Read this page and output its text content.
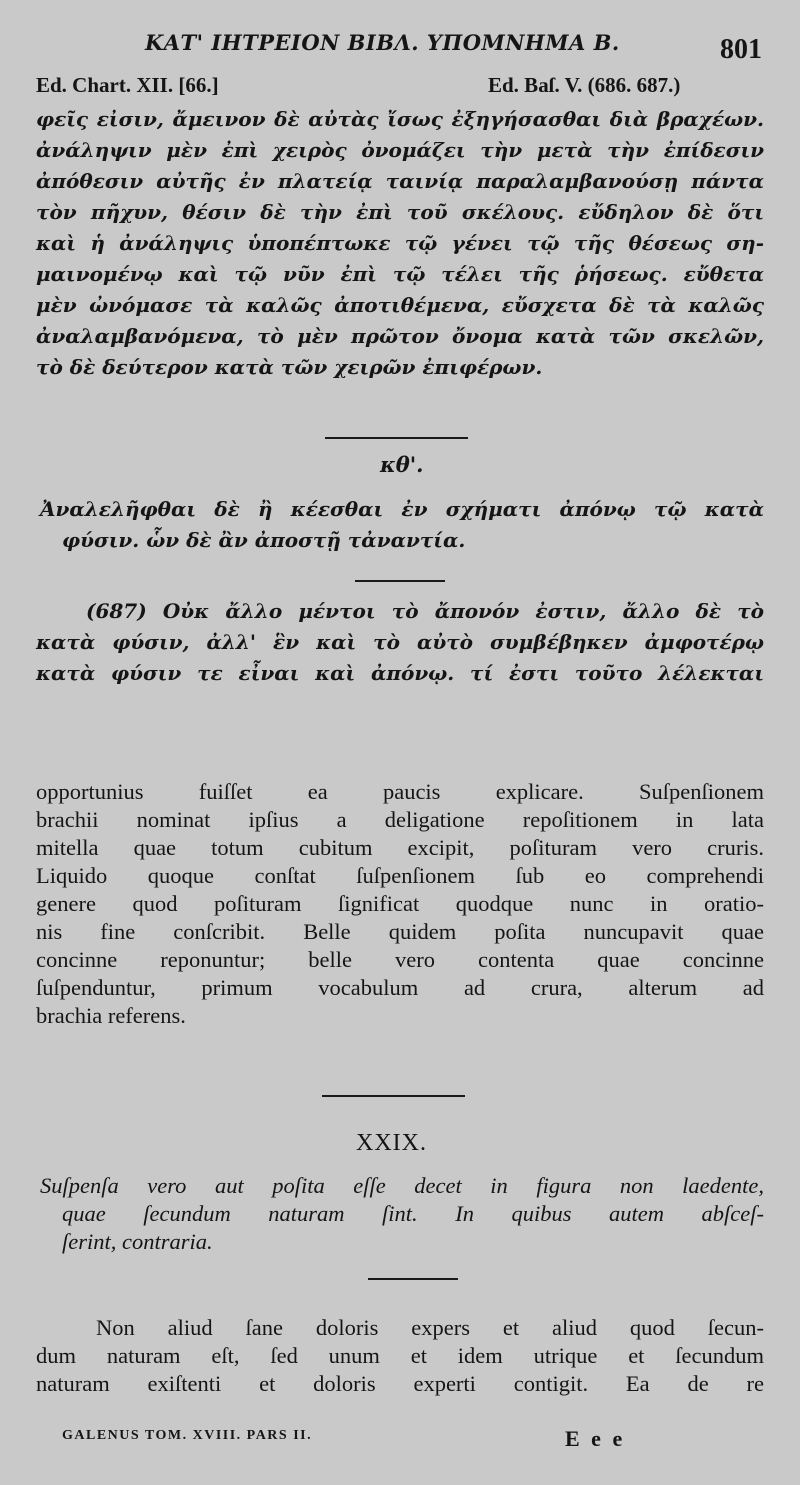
ΚΑΤ' ΙΗΤΡΕΙΟΝ ΒΙΒΛ. ΥΠΟΜΝΗΜΑ Β.	801
Ed. Chart. XII. [66.]	Ed. Baſ. V. (686. 687.)
φεῖς εἰσιν, ἄμεινον δὲ αὐτὰς ἴσως ἐξηγήσασθαι διὰ βραχέων.
ἀνάληψιν μὲν ἐπὶ χειρὸς ὀνομάζει τὴν μετὰ τὴν ἐπίδεσιν
ἀπόθεσιν αὐτῆς ἐν πλατείᾳ ταινίᾳ παραλαμβανούσῃ πάντα
τὸν πῆχυν, θέσιν δὲ τὴν ἐπὶ τοῦ σκέλους. εὔδηλον δὲ ὅτι
καὶ ἡ ἀνάληψις ὑποπέπτωκε τῷ γένει τῷ τῆς θέσεως ση-
μαινομένῳ καὶ τῷ νῦν ἐπὶ τῷ τέλει τῆς ῥήσεως. εὔθετα
μὲν ὠνόμασε τὰ καλῶς ἀποτιθέμενα, εὔσχετα δὲ τὰ καλῶς
ἀναλαμβανόμενα, τὸ μὲν πρῶτον ὄνομα κατὰ τῶν σκελῶν,
τὸ δὲ δεύτερον κατὰ τῶν χειρῶν ἐπιφέρων.
κθ'.
Ἀναλελῆφθαι δὲ ἢ κέεσθαι ἐν σχήματι ἀπόνῳ τῷ κατὰ
φύσιν. ὧν δὲ ἂν ἀποστῇ τἀναντία.
(687) Οὐκ ἄλλο μέντοι τὸ ἄπονόν ἐστιν, ἄλλο δὲ τὸ
κατὰ φύσιν, ἀλλ' ἓν καὶ τὸ αὐτὸ συμβέβηκεν ἀμφοτέρῳ
κατὰ φύσιν τε εἶναι καὶ ἀπόνῳ. τί ἐστι τοῦτο λέλεκται
opportunius fuiſſet ea paucis explicare. Suſpenſionem
brachii nominat ipſius a deligatione repoſitionem in lata
mitella quae totum cubitum excipit, poſituram vero cruris.
Liquido quoque conſtat ſuſpenſionem ſub eo comprehendi
genere quod poſituram ſignificat quodque nunc in oratio-
nis fine conſcribit. Belle quidem poſita nuncupavit quae
concinne reponuntur; belle vero contenta quae concinne
ſuſpenduntur, primum vocabulum ad crura, alterum ad
brachia referens.
XXIX.
Suſpenſa vero aut poſita eſſe decet in figura non laedente,
quae ſecundum naturam ſint. In quibus autem abſceſ-
ſerint, contraria.
Non aliud ſane doloris expers et aliud quod ſecun-
dum naturam eſt, ſed unum et idem utrique et ſecundum
naturam exiſtenti et doloris experti contigit. Ea de re
GALENUS TOM. XVIII. PARS II.	E e e
